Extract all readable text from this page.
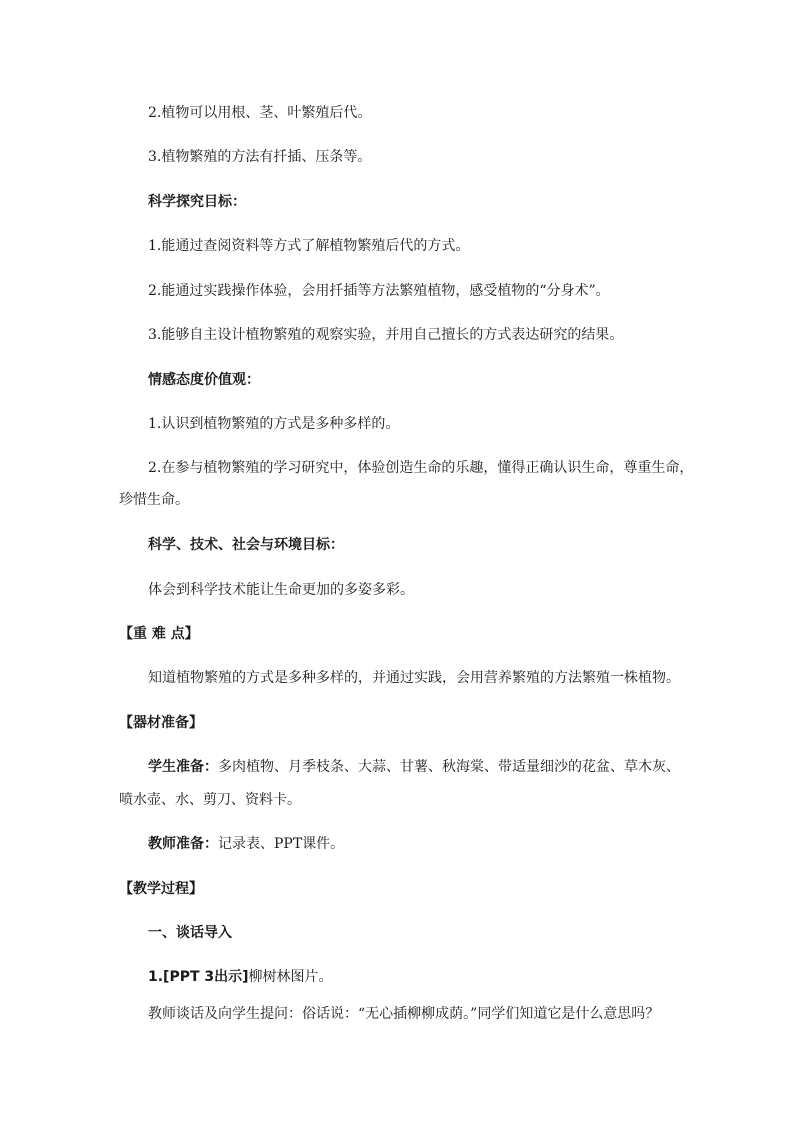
2.植物可以用根、茎、叶繁殖后代。
3.植物繁殖的方法有扦插、压条等。
科学探究目标：
1.能通过查阅资料等方式了解植物繁殖后代的方式。
2.能通过实践操作体验，会用扦插等方法繁殖植物，感受植物的“分身术”。
3.能够自主设计植物繁殖的观察实验，并用自己擅长的方式表达研究的结果。
情感态度价值观：
1.认识到植物繁殖的方式是多种多样的。
2.在参与植物繁殖的学习研究中，体验创造生命的乐趣，懂得正确认识生命，尊重生命，
珍惜生命。
科学、技术、社会与环境目标：
体会到科学技术能让生命更加的多姿多彩。
【重 难 点】
知道植物繁殖的方式是多种多样的，并通过实践，会用营养繁殖的方法繁殖一株植物。
【器材准备】
学生准备：多肉植物、月季枝条、大蒜、甘薯、秋海棠、带适量细沙的花盆、草木灰、
喷水壶、水、剪刀、资料卡。
教师准备：记录表、PPT课件。
【教学过程】
一、谈话导入
1.[PPT 3出示]柳树林图片。
教师谈话及向学生提问：俗话说：“无心插柳柳成荫。”同学们知道它是什么意思吗？
